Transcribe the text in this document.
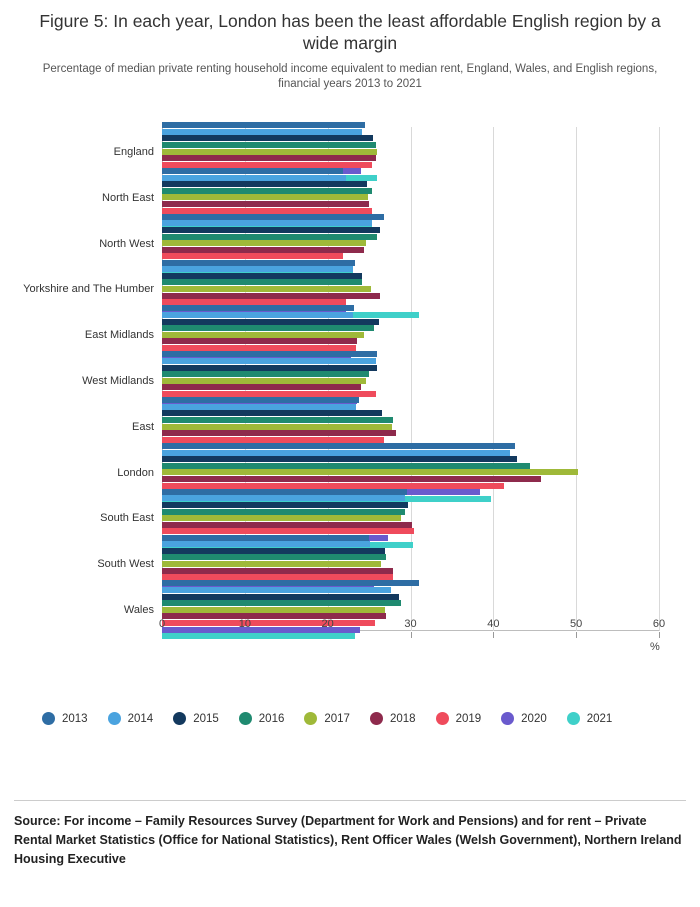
Figure 5: In each year, London has been the least affordable English region by a wide margin
Percentage of median private renting household income equivalent to median rent, England, Wales, and English regions, financial years 2013 to 2021
England
North East
North West
Yorkshire and The Humber
East Midlands
West Midlands
East
London
South East
South West
Wales
0	10	20	30	40	50	60
%
2013	2014	2015	2016	2017	2018	2019	2020	2021
Source: For income – Family Resources Survey (Department for Work and Pensions) and for rent – Private Rental Market Statistics (Office for National Statistics), Rent Officer Wales (Welsh Government), Northern Ireland Housing Executive
